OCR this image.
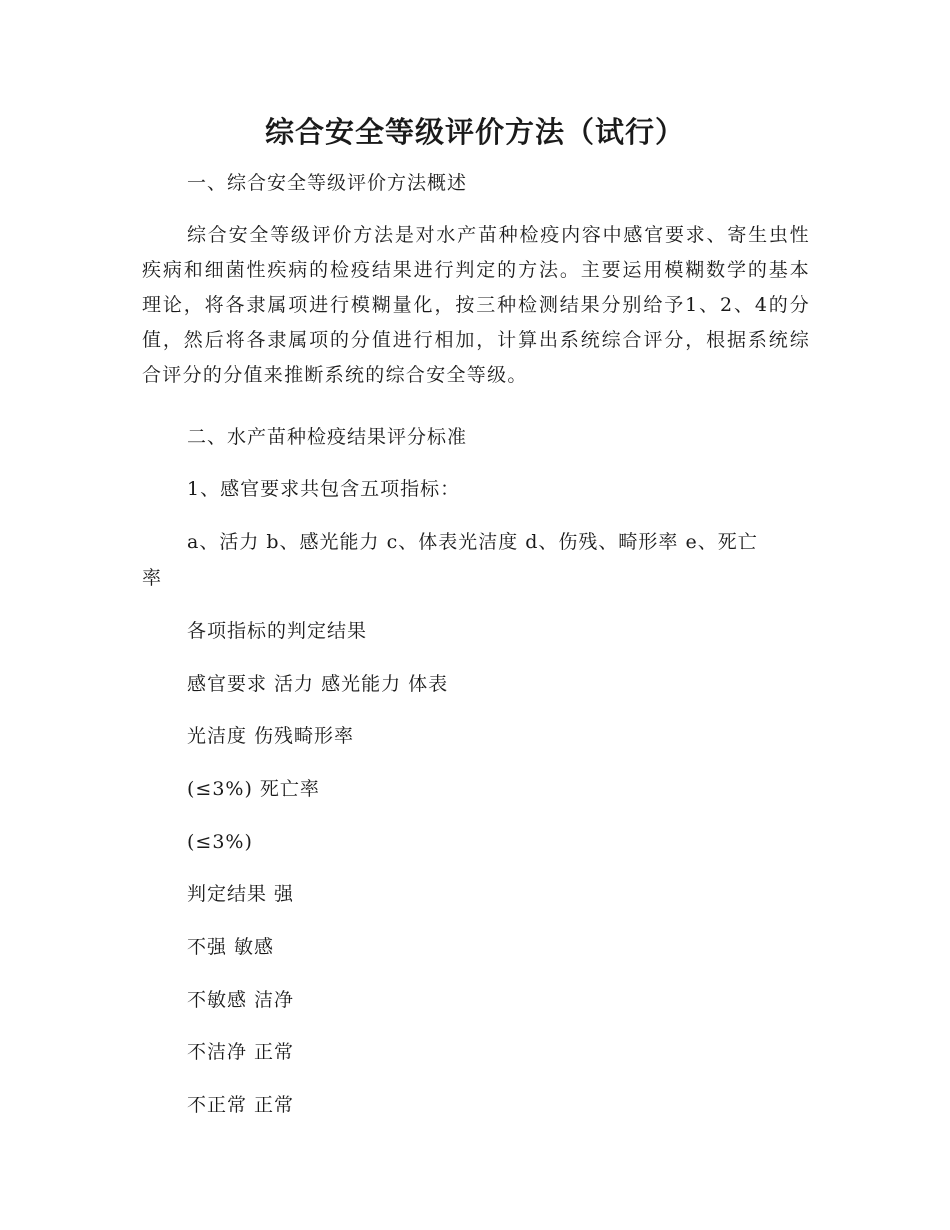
综合安全等级评价方法（试行）

一、综合安全等级评价方法概述

综合安全等级评价方法是对水产苗种检疫内容中感官要求、寄生虫性疾病和细菌性疾病的检疫结果进行判定的方法。主要运用模糊数学的基本理论，将各隶属项进行模糊量化，按三种检测结果分别给予1、2、4的分值，然后将各隶属项的分值进行相加，计算出系统综合评分，根据系统综合评分的分值来推断系统的综合安全等级。

二、水产苗种检疫结果评分标准

1、感官要求共包含五项指标：

a、活力 b、感光能力 c、体表光洁度 d、伤残、畸形率 e、死亡

率

各项指标的判定结果

感官要求 活力 感光能力 体表

光洁度 伤残畸形率

(≤3%) 死亡率

(≤3%)

判定结果 强

不强 敏感

不敏感 洁净

不洁净 正常

不正常 正常
